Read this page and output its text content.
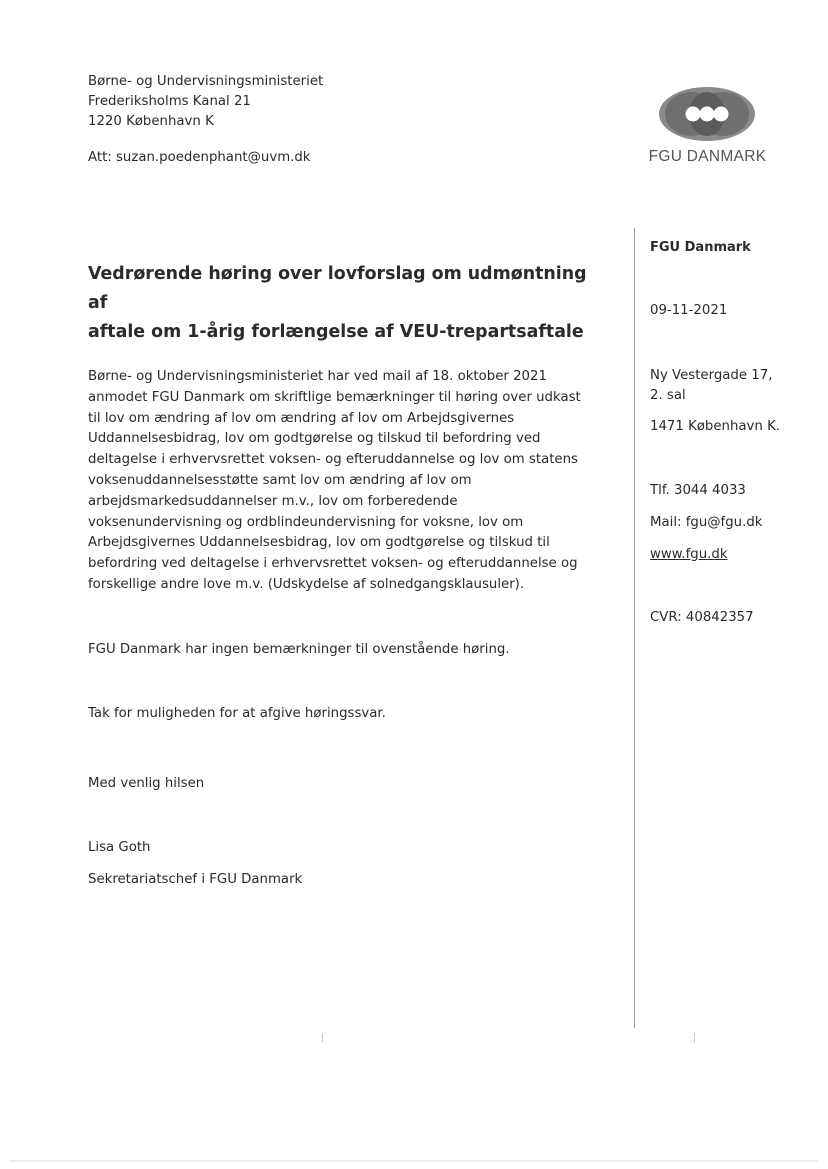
Børne- og Undervisningsministeriet
Frederiksholms Kanal 21
1220 København K
Att: suzan.poedenphant@uvm.dk	FGU DANMARK
FGU Danmark
09-11-2021
Ny Vestergade 17,
2. sal
1471 København K.
Tlf. 3044 4033
Mail: fgu@fgu.dk
www.fgu.dk
CVR: 40842357
Vedrørende høring over lovforslag om udmøntning af
aftale om 1-årig forlængelse af VEU-trepartsaftale
Børne- og Undervisningsministeriet har ved mail af 18. oktober 2021
anmodet FGU Danmark om skriftlige bemærkninger til høring over udkast
til lov om ændring af lov om ændring af lov om Arbejdsgivernes
Uddannelsesbidrag, lov om godtgørelse og tilskud til befordring ved
deltagelse i erhvervsrettet voksen- og efteruddannelse og lov om statens
voksenuddannelsesstøtte samt lov om ændring af lov om
arbejdsmarkedsuddannelser m.v., lov om forberedende
voksenundervisning og ordblindeundervisning for voksne, lov om
Arbejdsgivernes Uddannelsesbidrag, lov om godtgørelse og tilskud til
befordring ved deltagelse i erhvervsrettet voksen- og efteruddannelse og
forskellige andre love m.v. (Udskydelse af solnedgangsklausuler).
FGU Danmark har ingen bemærkninger til ovenstående høring.
Tak for muligheden for at afgive høringssvar.
Med venlig hilsen
Lisa Goth
Sekretariatschef i FGU Danmark
